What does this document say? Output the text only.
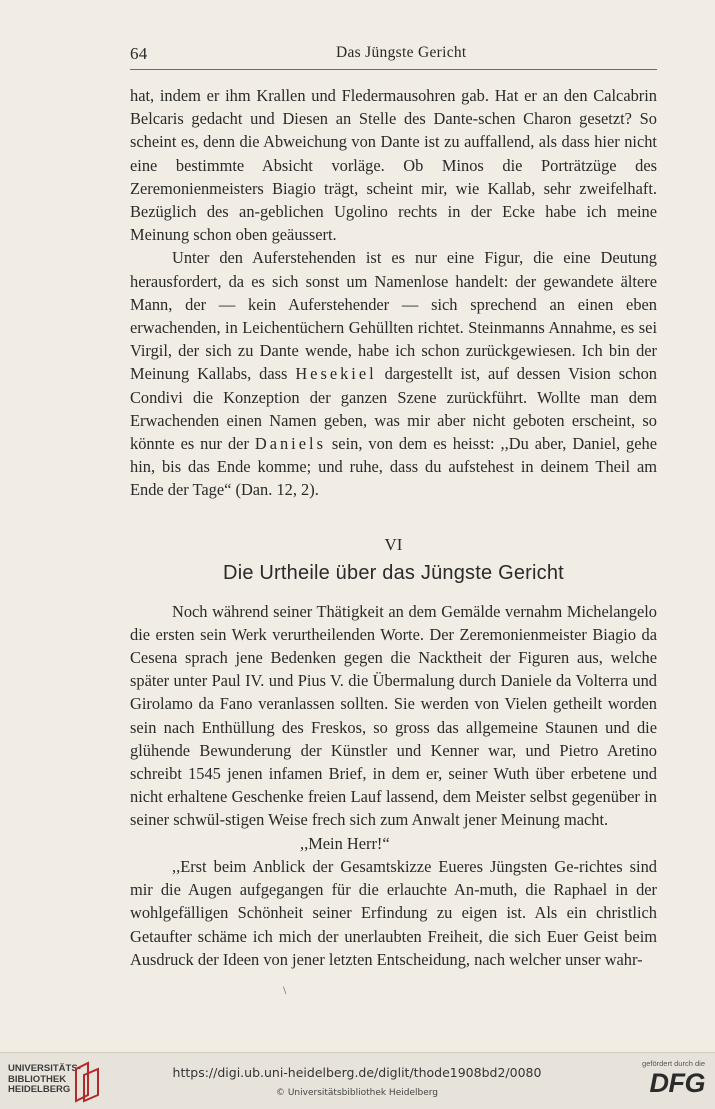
64	Das Jüngste Gericht

hat, indem er ihm Krallen und Fledermausohren gab. Hat er an den Calcabrin Belcaris gedacht und Diesen an Stelle des Dante-schen Charon gesetzt? So scheint es, denn die Abweichung von Dante ist zu auffallend, als dass hier nicht eine bestimmte Absicht vorläge. Ob Minos die Porträtzüge des Zeremonienmeisters Biagio trägt, scheint mir, wie Kallab, sehr zweifelhaft. Bezüglich des an-geblichen Ugolino rechts in der Ecke habe ich meine Meinung schon oben geäussert.

Unter den Auferstehenden ist es nur eine Figur, die eine Deutung herausfordert, da es sich sonst um Namenlose handelt: der gewandete ältere Mann, der — kein Auferstehender — sich sprechend an einen eben erwachenden, in Leichentüchern Gehüllten richtet. Steinmanns Annahme, es sei Virgil, der sich zu Dante wende, habe ich schon zurückgewiesen. Ich bin der Meinung Kallabs, dass Hesekiel dargestellt ist, auf dessen Vision schon Condivi die Konzeption der ganzen Szene zurückführt. Wollte man dem Erwachenden einen Namen geben, was mir aber nicht geboten erscheint, so könnte es nur der Daniels sein, von dem es heisst: ,,Du aber, Daniel, gehe hin, bis das Ende komme; und ruhe, dass du aufstehest in deinem Theil am Ende der Tage“ (Dan. 12, 2).

VI
Die Urtheile über das Jüngste Gericht

Noch während seiner Thätigkeit an dem Gemälde vernahm Michelangelo die ersten sein Werk verurtheilenden Worte. Der Zeremonienmeister Biagio da Cesena sprach jene Bedenken gegen die Nacktheit der Figuren aus, welche später unter Paul IV. und Pius V. die Übermalung durch Daniele da Volterra und Girolamo da Fano veranlassen sollten. Sie werden von Vielen getheilt worden sein nach Enthüllung des Freskos, so gross das allgemeine Staunen und die glühende Bewunderung der Künstler und Kenner war, und Pietro Aretino schreibt 1545 jenen infamen Brief, in dem er, seiner Wuth über erbetene und nicht erhaltene Geschenke freien Lauf lassend, dem Meister selbst gegenüber in seiner schwül-stigen Weise frech sich zum Anwalt jener Meinung macht.

,,Mein Herr!“

,,Erst beim Anblick der Gesamtskizze Eueres Jüngsten Ge-richtes sind mir die Augen aufgegangen für die erlauchte An-muth, die Raphael in der wohlgefälligen Schönheit seiner Erfindung zu eigen ist. Als ein christlich Getaufter schäme ich mich der unerlaubten Freiheit, die sich Euer Geist beim Ausdruck der Ideen von jener letzten Entscheidung, nach welcher unser wahr-

\
UNIVERSITÄTS-
BIBLIOTHEK
HEIDELBERG
https://digi.ub.uni-heidelberg.de/diglit/thode1908bd2/0080
© Universitätsbibliothek Heidelberg
gefördert durch die
DFG
